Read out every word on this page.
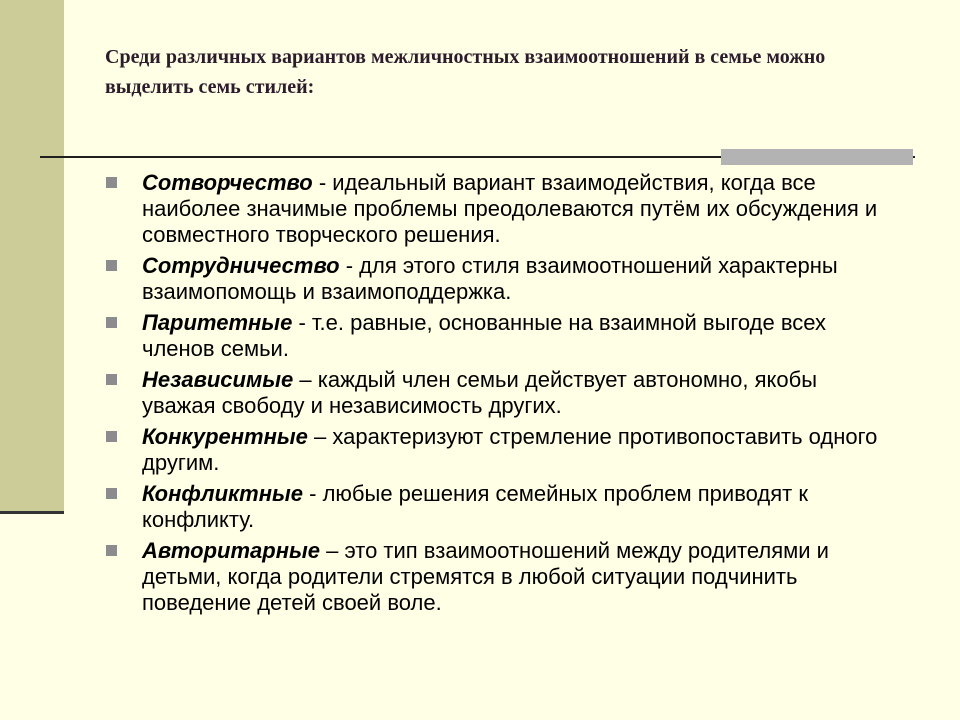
Среди различных вариантов межличностных взаимоотношений в семье можно выделить семь стилей:
Сотворчество - идеальный вариант взаимодействия, когда все наиболее значимые проблемы преодолеваются путём их обсуждения и совместного творческого решения.
Сотрудничество - для этого стиля взаимоотношений характерны взаимопомощь и взаимоподдержка.
Паритетные - т.е. равные, основанные на взаимной выгоде всех членов семьи.
Независимые – каждый член семьи действует автономно, якобы уважая свободу и независимость других.
Конкурентные – характеризуют стремление противопоставить одного другим.
Конфликтные - любые решения семейных проблем приводят к конфликту.
Авторитарные – это тип взаимоотношений между родителями и детьми, когда родители стремятся в любой ситуации подчинить поведение детей своей воле.
